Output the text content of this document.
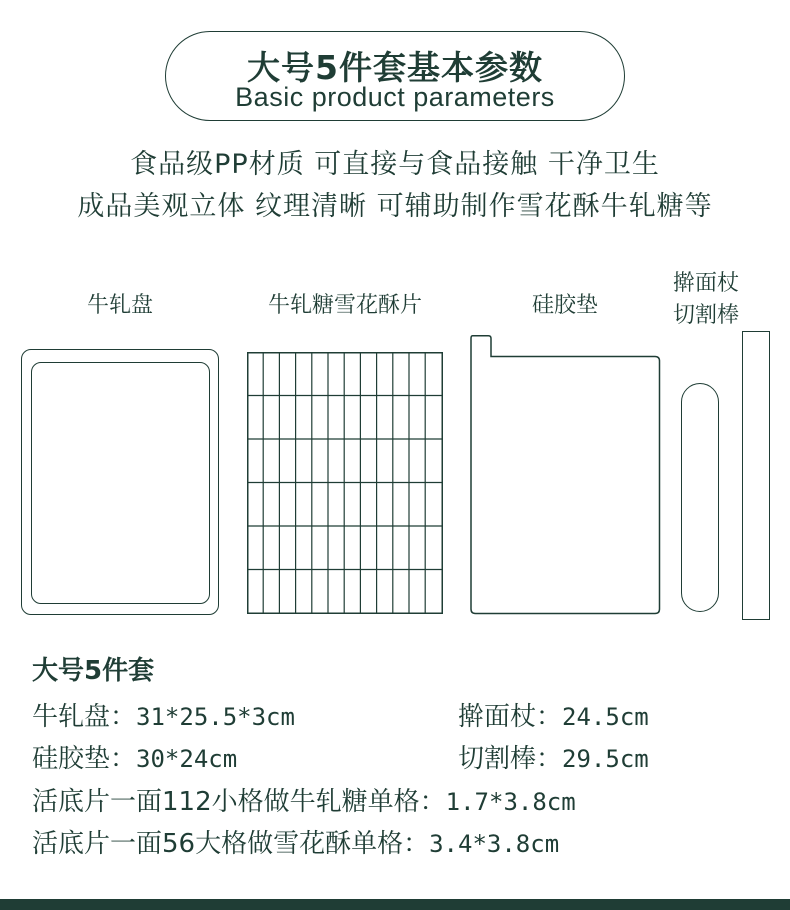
大号5件套基本参数
Basic product parameters
食品级PP材质 可直接与食品接触 干净卫生
成品美观立体 纹理清晰 可辅助制作雪花酥牛轧糖等
牛轧盘	牛轧糖雪花酥片	硅胶垫
擀面杖
切割棒
大号5件套
牛轧盘：31*25.5*3cm	擀面杖：24.5cm
硅胶垫：30*24cm	切割棒：29.5cm
活底片一面112小格做牛轧糖单格：1.7*3.8cm
活底片一面56大格做雪花酥单格：3.4*3.8cm
